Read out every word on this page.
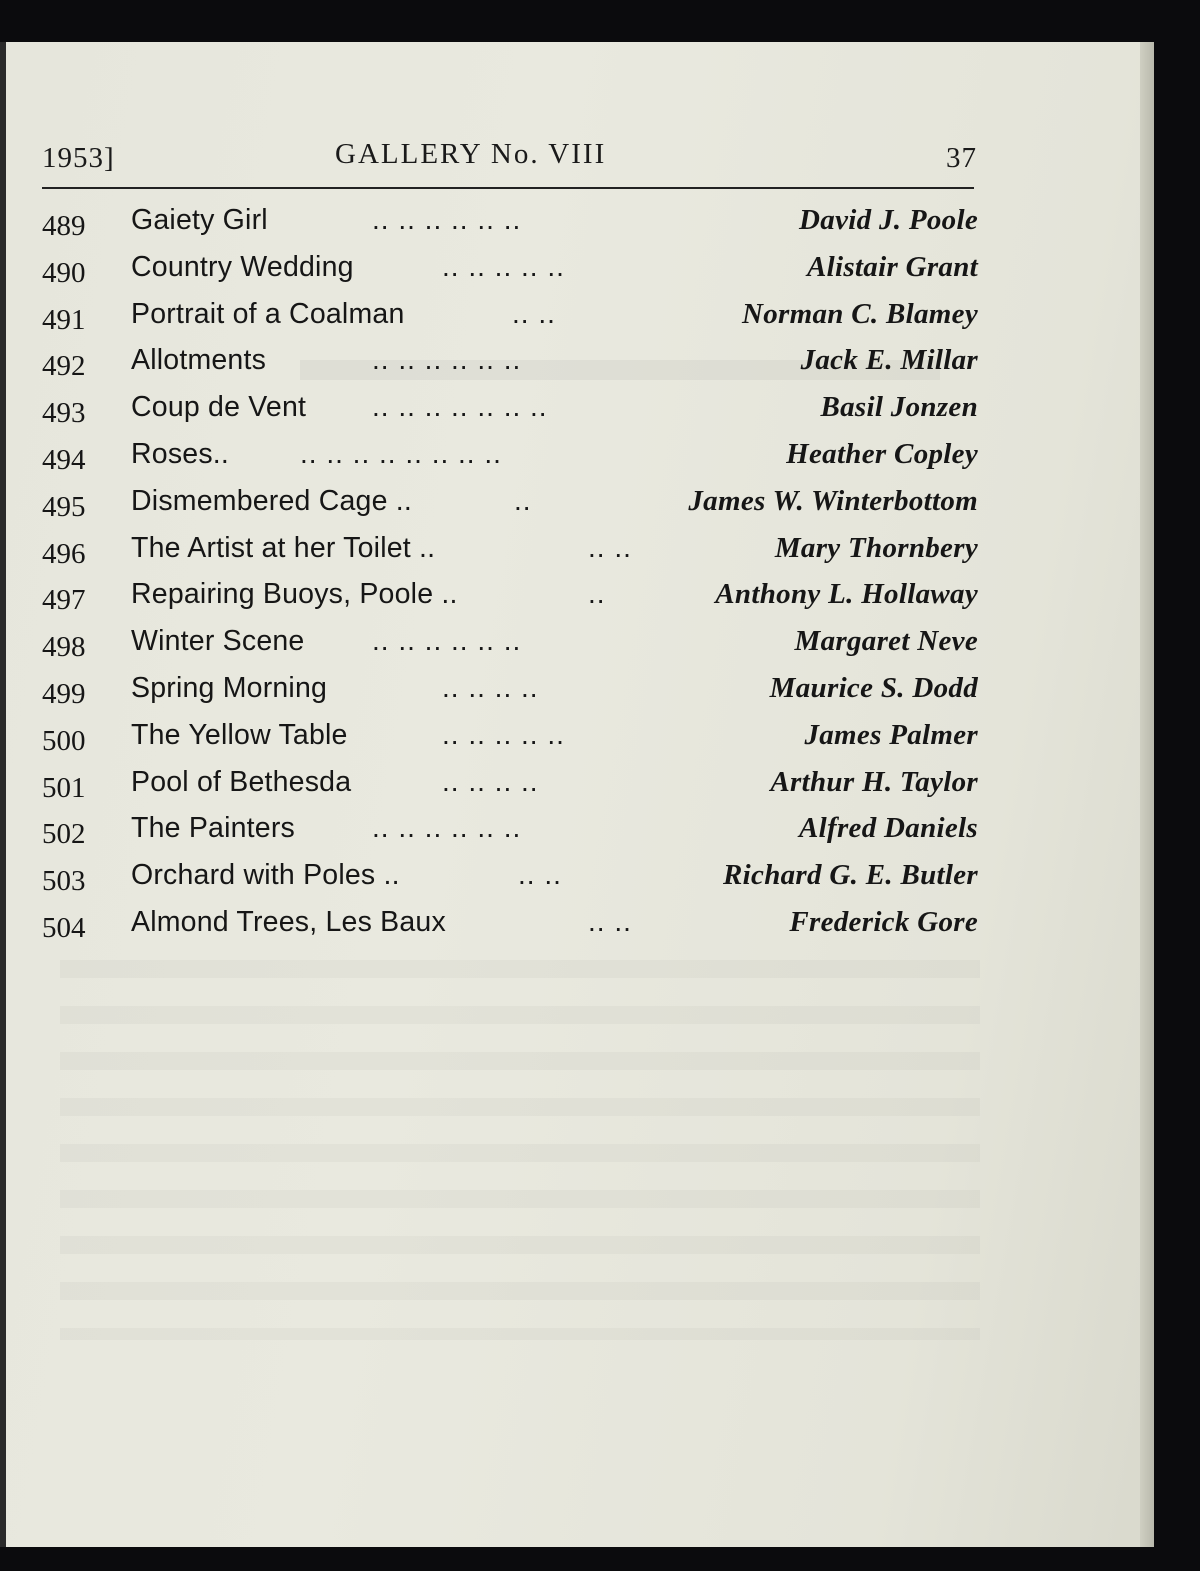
1953]	GALLERY No. VIII	37
489 Gaiety Girl	.. .. .. .. .. ..	David J. Poole
490 Country Wedding	.. .. .. .. ..	Alistair Grant
491 Portrait of a Coalman	.. ..	Norman C. Blamey
492 Allotments	.. .. .. .. .. ..	Jack E. Millar
493 Coup de Vent .. .. .. .. .. .. ..	Basil Jonzen
494 Roses..	.. .. .. .. .. .. .. ..	Heather Copley
495 Dismembered Cage ..	..	James W. Winterbottom
496 The Artist at her Toilet ..	.. ..	Mary Thornbery
497 Repairing Buoys, Poole ..	..	Anthony L. Hollaway
498 Winter Scene .. .. .. .. .. ..	Margaret Neve
499 Spring Morning	.. .. .. ..	Maurice S. Dodd
500 The Yellow Table	.. .. .. .. ..	James Palmer
501 Pool of Bethesda	.. .. .. ..	Arthur H. Taylor
502 The Painters	.. .. .. .. .. ..	Alfred Daniels
503 Orchard with Poles ..	.. ..	Richard G. E. Butler
504 Almond Trees, Les Baux	.. ..	Frederick Gore
